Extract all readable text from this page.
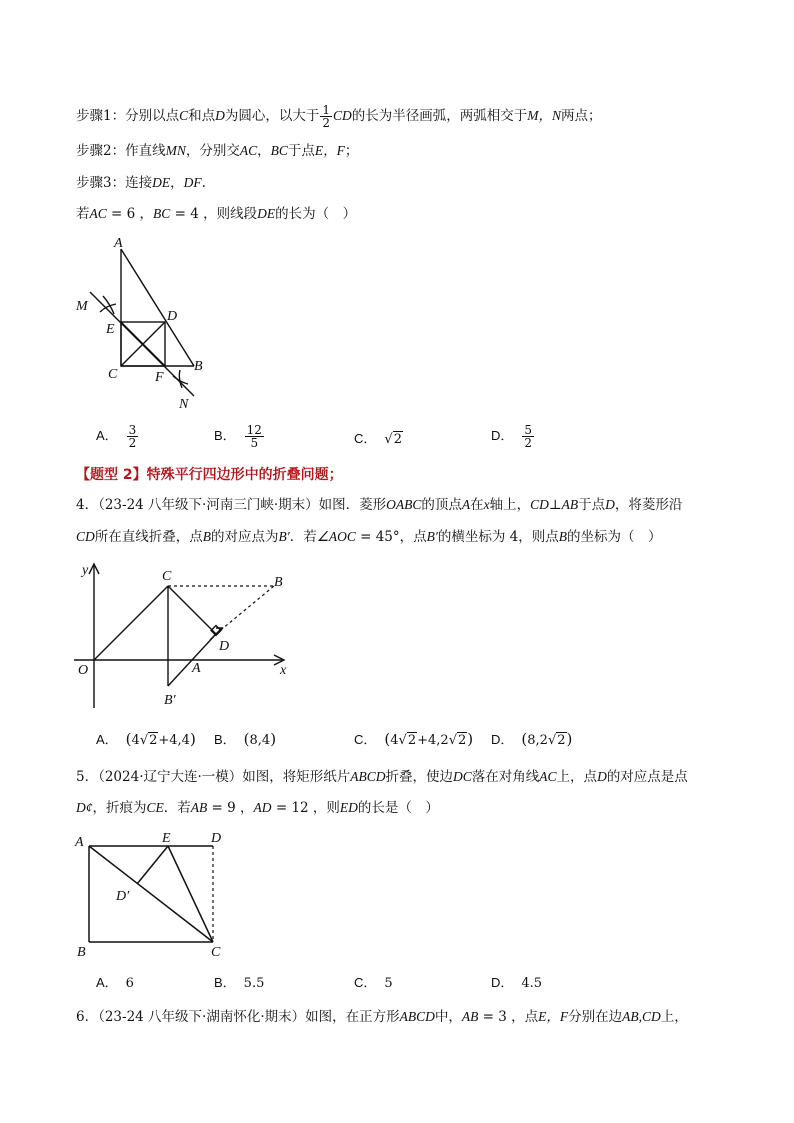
步骤1：分别以点C和点D为圆心，以大于 $\frac{1}{2}$ CD的长为半径画弧，两弧相交于M，N两点；
步骤2：作直线MN，分别交AC，BC于点E，F；
步骤3：连接DE，DF.
若AC = 6 ，BC = 4 ，则线段DE的长为（　）
A
M
E
D
C	F
B
N
A． $\frac{3}{2}$	B． $\frac{12}{5}$	C． √2	D． $\frac{5}{2}$
【题型 2】特殊平行四边形中的折叠问题；
4．（23-24 八年级下·河南三门峡·期末）如图．菱形OABC的顶点A在x轴上，CD⊥AB于点D，将菱形沿
CD所在直线折叠，点B的对应点为B′．若∠AOC = 45°，点B′的横坐标为 4，则点B的坐标为（　）
y	C	B
D
O	A	x
B′
A． (4√2+4,4) B． (8,4)	C． (4√2+4,2√2) D． (8,2√2)
5．（2024·辽宁大连·一模）如图，将矩形纸片ABCD折叠，使边DC落在对角线AC上，点D的对应点是点
D¢，折痕为CE．若AB = 9 ，AD = 12 ，则ED的长是（　）
A	E	D
D′
B	C
A． 6	B． 5.5	C． 5	D． 4.5
6．（23-24 八年级下·湖南怀化·期末）如图，在正方形ABCD中，AB = 3 ，点E，F分别在边AB,CD上，
